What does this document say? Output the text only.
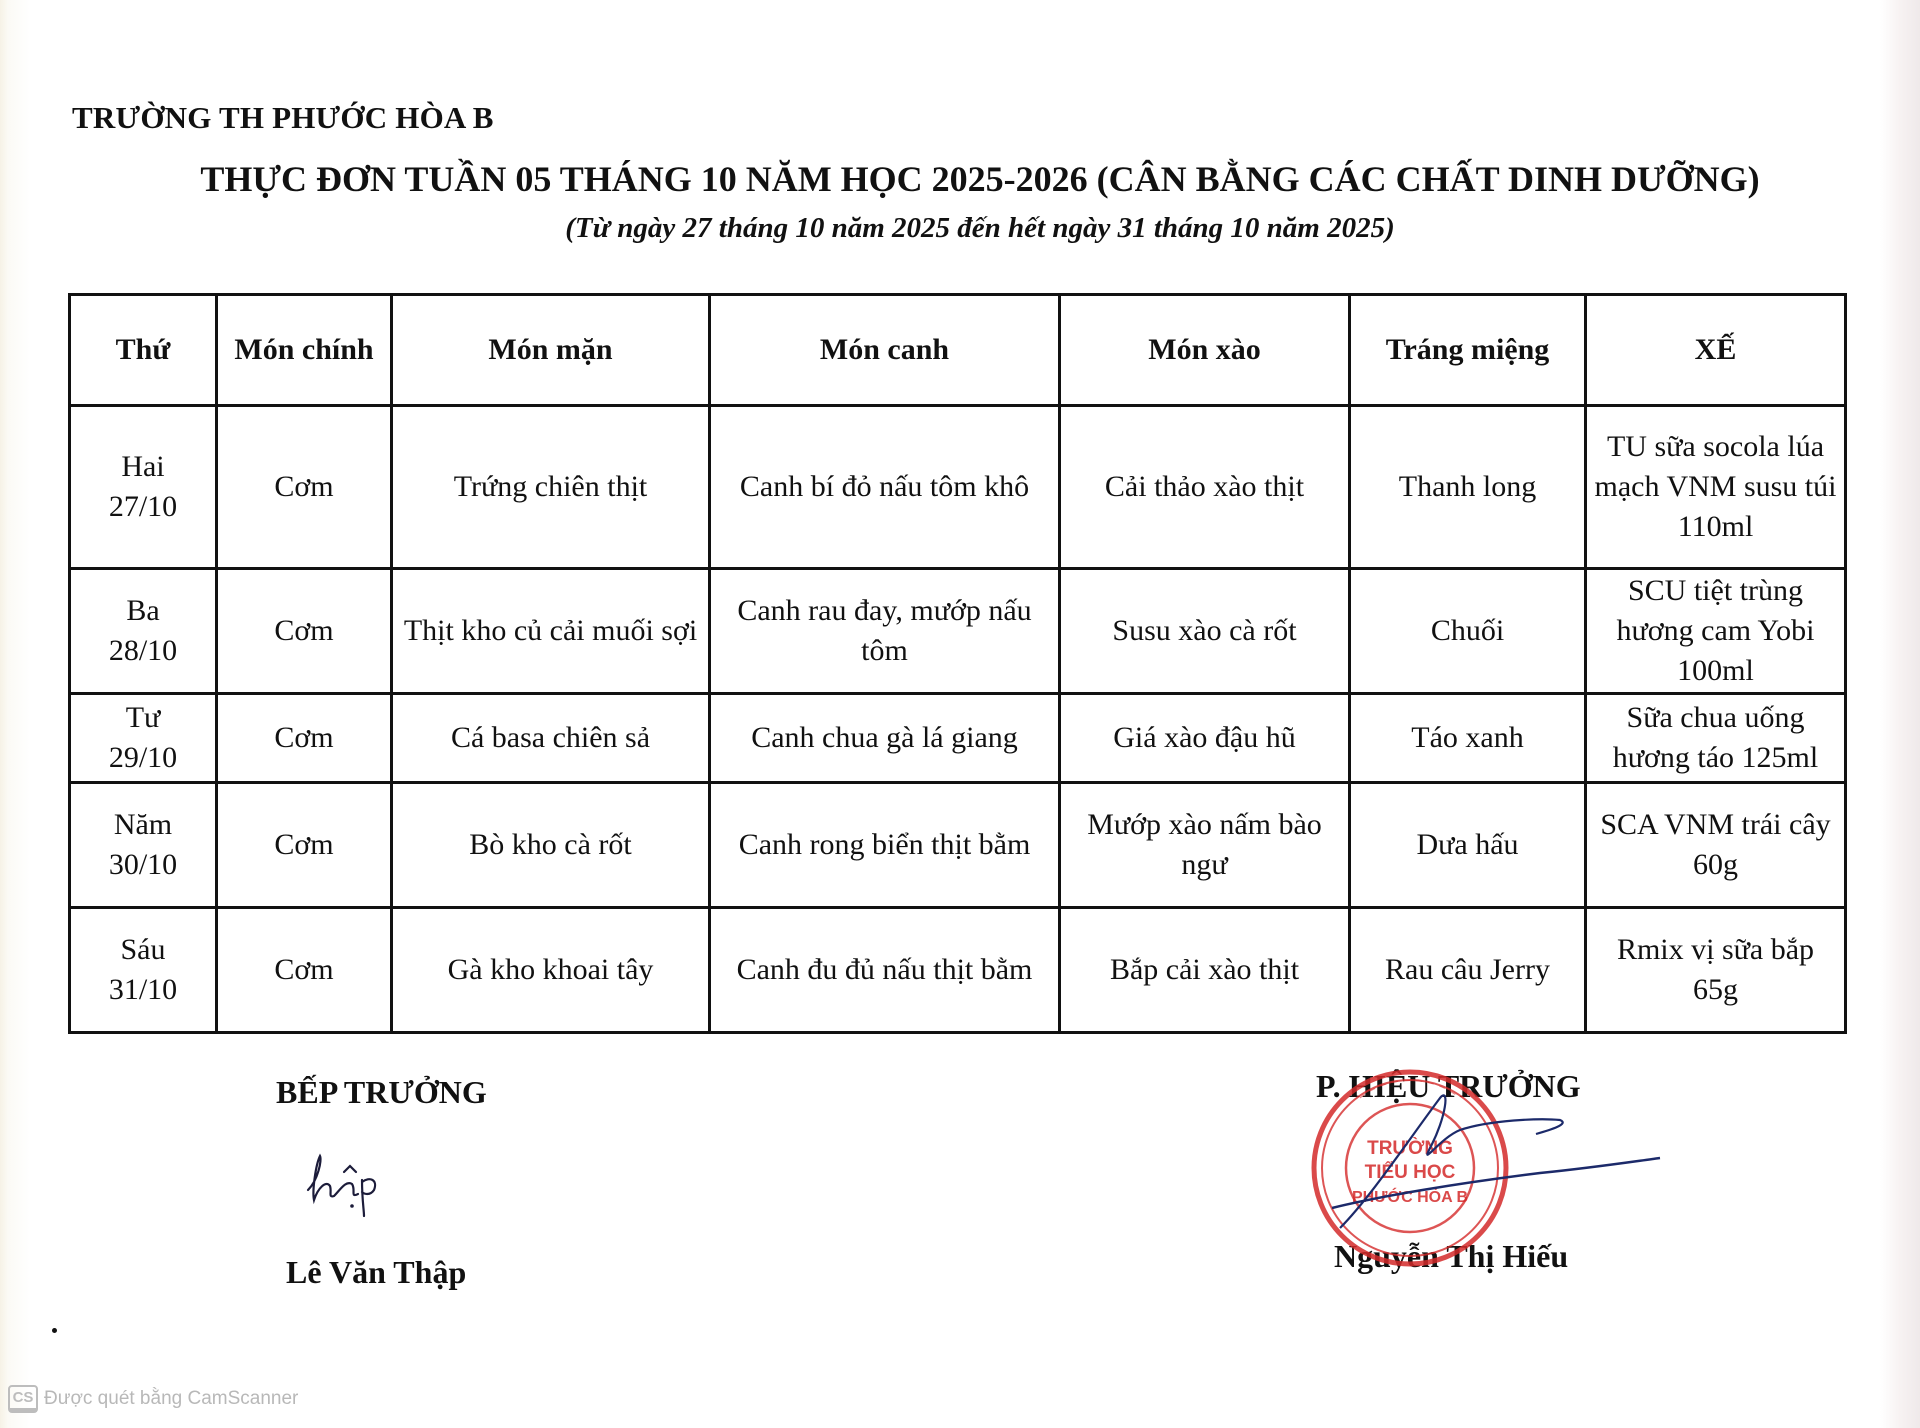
TRƯỜNG TH PHƯỚC HÒA B
THỰC ĐƠN TUẦN 05 THÁNG 10 NĂM HỌC 2025-2026 (CÂN BẰNG CÁC CHẤT DINH DƯỠNG)
(Từ ngày 27 tháng 10 năm 2025 đến hết ngày 31 tháng 10 năm 2025)
Thứ	Món chính	Món mặn	Món canh	Món xào	Tráng miệng	XẾ

Hai
27/10	Cơm	Trứng chiên thịt	Canh bí đỏ nấu tôm khô	Cải thảo xào thịt	Thanh long	TU sữa socola lúa mạch VNM susu túi 110ml

Ba
28/10	Cơm	Thịt kho củ cải muối sợi	Canh rau đay, mướp nấu tôm	Susu xào cà rốt	Chuối	SCU tiệt trùng hương cam Yobi 100ml

Tư
29/10	Cơm	Cá basa chiên sả	Canh chua gà lá giang	Giá xào đậu hũ	Táo xanh	Sữa chua uống hương táo 125ml

Năm
30/10	Cơm	Bò kho cà rốt	Canh rong biển thịt bằm	Mướp xào nấm bào ngư	Dưa hấu	SCA VNM trái cây 60g

Sáu
31/10	Cơm	Gà kho khoai tây	Canh đu đủ nấu thịt bằm	Bắp cải xào thịt	Rau câu Jerry	Rmix vị sữa bắp 65g
BẾP TRƯỞNG
Lê Văn Thập
P. HIỆU TRƯỞNG
TRƯỜNG
TIỂU HỌC
PHƯỚC HÒA B
Nguyễn Thị Hiếu
CS Được quét bằng CamScanner
